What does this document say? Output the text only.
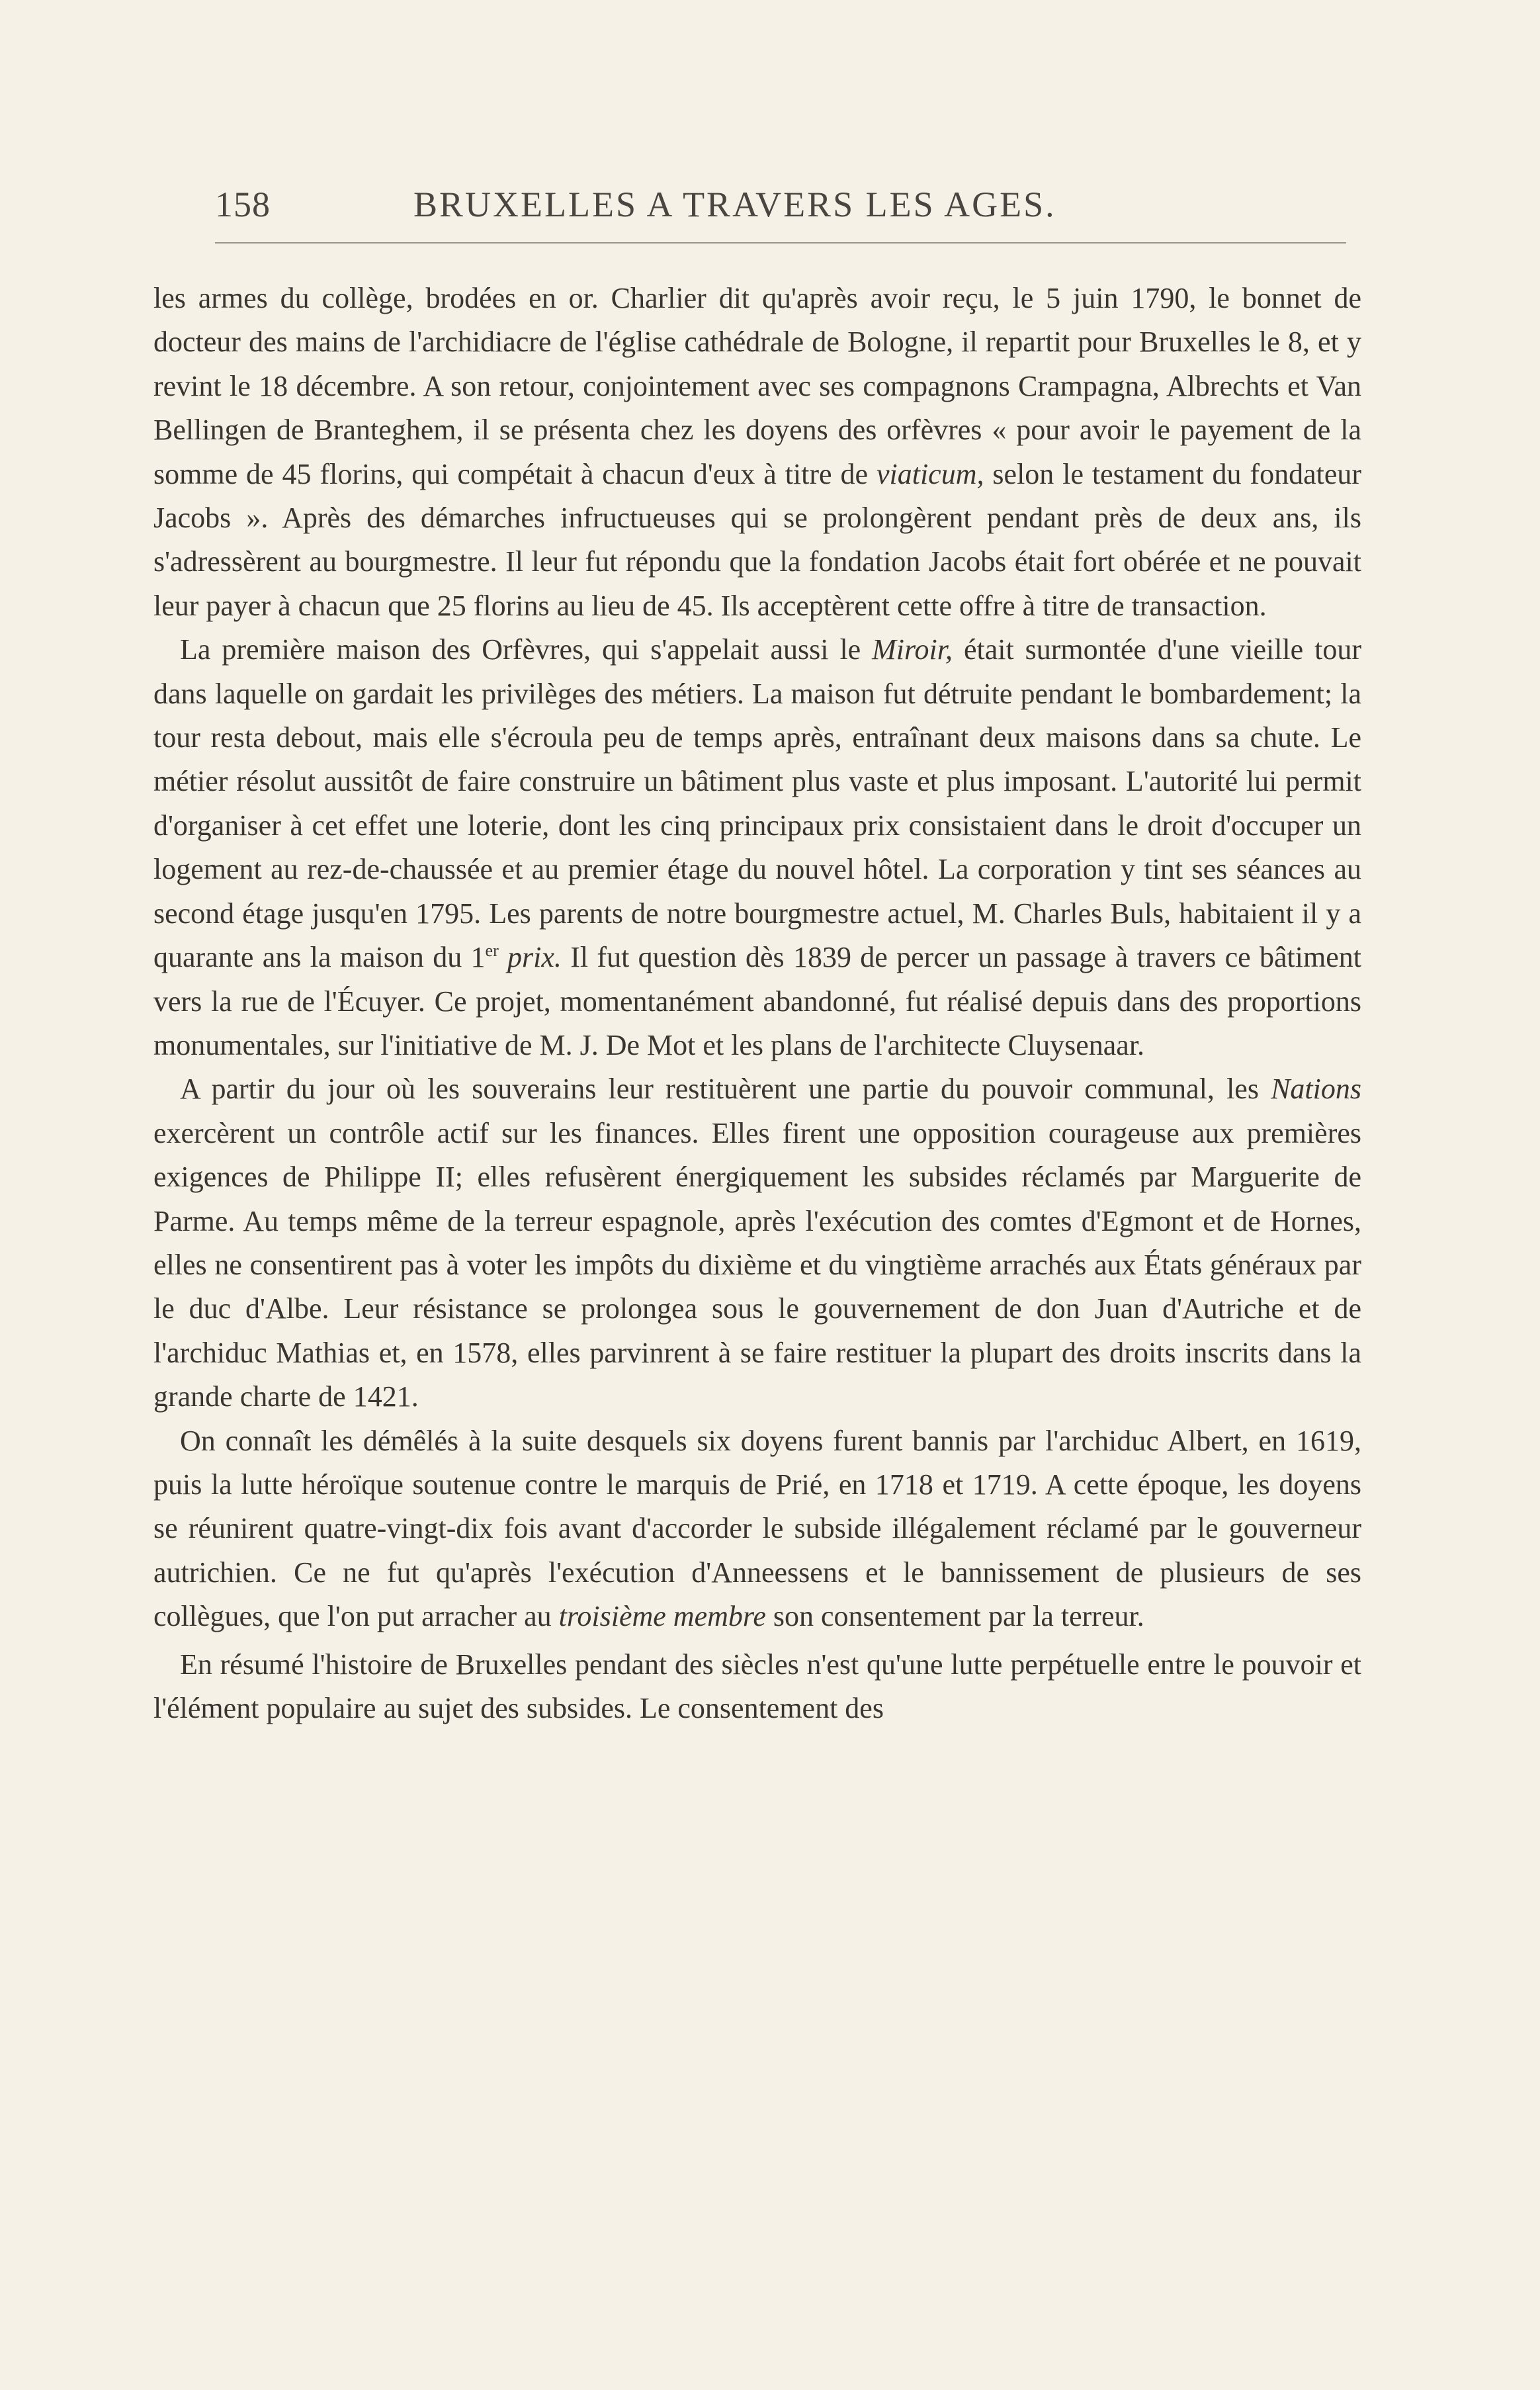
158	BRUXELLES A TRAVERS LES AGES.

les armes du collège, brodées en or. Charlier dit qu'après avoir reçu, le 5 juin 1790, le bonnet de docteur des mains de l'archidiacre de l'église cathédrale de Bologne, il repartit pour Bruxelles le 8, et y revint le 18 décembre. A son retour, conjointement avec ses compagnons Crampagna, Albrechts et Van Bellingen de Branteghem, il se présenta chez les doyens des orfèvres « pour avoir le payement de la somme de 45 florins, qui compétait à chacun d'eux à titre de viaticum, selon le testament du fondateur Jacobs ». Après des démarches infructueuses qui se prolongèrent pendant près de deux ans, ils s'adressèrent au bourgmestre. Il leur fut répondu que la fondation Jacobs était fort obérée et ne pouvait leur payer à chacun que 25 florins au lieu de 45. Ils acceptèrent cette offre à titre de transaction.

La première maison des Orfèvres, qui s'appelait aussi le Miroir, était surmontée d'une vieille tour dans laquelle on gardait les privilèges des métiers. La maison fut détruite pendant le bombardement; la tour resta debout, mais elle s'écroula peu de temps après, entraînant deux maisons dans sa chute. Le métier résolut aussitôt de faire construire un bâtiment plus vaste et plus imposant. L'autorité lui permit d'organiser à cet effet une loterie, dont les cinq principaux prix consistaient dans le droit d'occuper un logement au rez-de-chaussée et au premier étage du nouvel hôtel. La corporation y tint ses séances au second étage jusqu'en 1795. Les parents de notre bourgmestre actuel, M. Charles Buls, habitaient il y a quarante ans la maison du 1er prix. Il fut question dès 1839 de percer un passage à travers ce bâtiment vers la rue de l'Écuyer. Ce projet, momentanément abandonné, fut réalisé depuis dans des proportions monumentales, sur l'initiative de M. J. De Mot et les plans de l'architecte Cluysenaar.

A partir du jour où les souverains leur restituèrent une partie du pouvoir communal, les Nations exercèrent un contrôle actif sur les finances. Elles firent une opposition courageuse aux premières exigences de Philippe II; elles refusèrent énergiquement les subsides réclamés par Marguerite de Parme. Au temps même de la terreur espagnole, après l'exécution des comtes d'Egmont et de Hornes, elles ne consentirent pas à voter les impôts du dixième et du vingtième arrachés aux États généraux par le duc d'Albe. Leur résistance se prolongea sous le gouvernement de don Juan d'Autriche et de l'archiduc Mathias et, en 1578, elles parvinrent à se faire restituer la plupart des droits inscrits dans la grande charte de 1421.

On connaît les démêlés à la suite desquels six doyens furent bannis par l'archiduc Albert, en 1619, puis la lutte héroïque soutenue contre le marquis de Prié, en 1718 et 1719. A cette époque, les doyens se réunirent quatre-vingt-dix fois avant d'accorder le subside illégalement réclamé par le gouverneur autrichien. Ce ne fut qu'après l'exécution d'Anneessens et le bannissement de plusieurs de ses collègues, que l'on put arracher au troisième membre son consentement par la terreur.

En résumé l'histoire de Bruxelles pendant des siècles n'est qu'une lutte perpétuelle entre le pouvoir et l'élément populaire au sujet des subsides. Le consentement des
